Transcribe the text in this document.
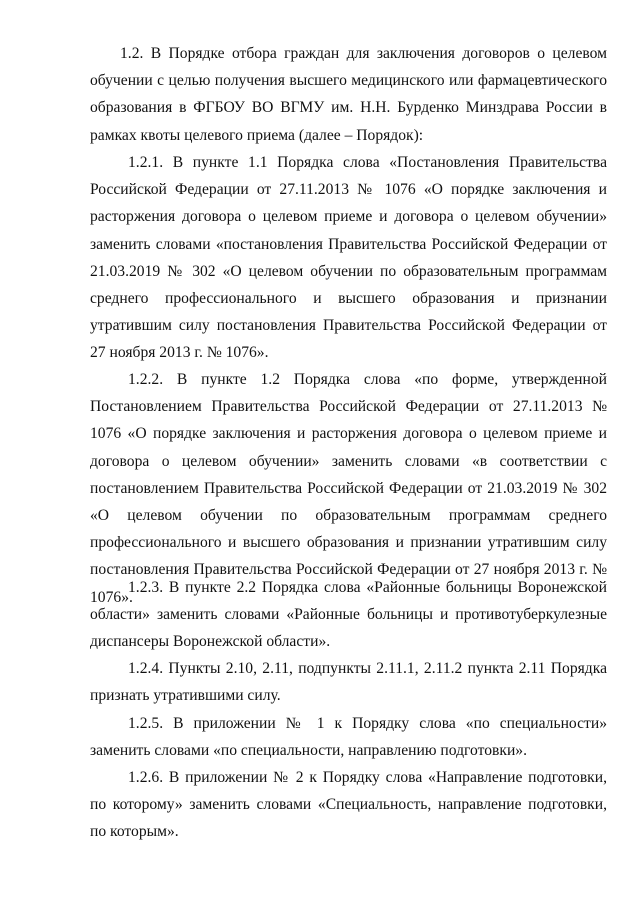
1.2. В Порядке отбора граждан для заключения договоров о целевом обучении с целью получения высшего медицинского или фармацевтического образования в ФГБОУ ВО ВГМУ им. Н.Н. Бурденко Минздрава России в рамках квоты целевого приема (далее – Порядок):

1.2.1. В пункте 1.1 Порядка слова «Постановления Правительства Российской Федерации от 27.11.2013 № 1076 «О порядке заключения и расторжения договора о целевом приеме и договора о целевом обучении» заменить словами «постановления Правительства Российской Федерации от 21.03.2019 № 302 «О целевом обучении по образовательным программам среднего профессионального и высшего образования и признании утратившим силу постановления Правительства Российской Федерации от 27 ноября 2013 г. № 1076».

1.2.2. В пункте 1.2 Порядка слова «по форме, утвержденной Постановлением Правительства Российской Федерации от 27.11.2013 № 1076 «О порядке заключения и расторжения договора о целевом приеме и договора о целевом обучении» заменить словами «в соответствии с постановлением Правительства Российской Федерации от 21.03.2019 № 302 «О целевом обучении по образовательным программам среднего профессионального и высшего образования и признании утратившим силу постановления Правительства Российской Федерации от 27 ноября 2013 г. № 1076».

1.2.3. В пункте 2.2 Порядка слова «Районные больницы Воронежской области» заменить словами «Районные больницы и противотуберкулезные диспансеры Воронежской области».

1.2.4. Пункты 2.10, 2.11, подпункты 2.11.1, 2.11.2 пункта 2.11 Порядка признать утратившими силу.

1.2.5. В приложении № 1 к Порядку слова «по специальности» заменить словами «по специальности, направлению подготовки».

1.2.6. В приложении № 2 к Порядку слова «Направление подготовки, по которому» заменить словами «Специальность, направление подготовки, по которым».
